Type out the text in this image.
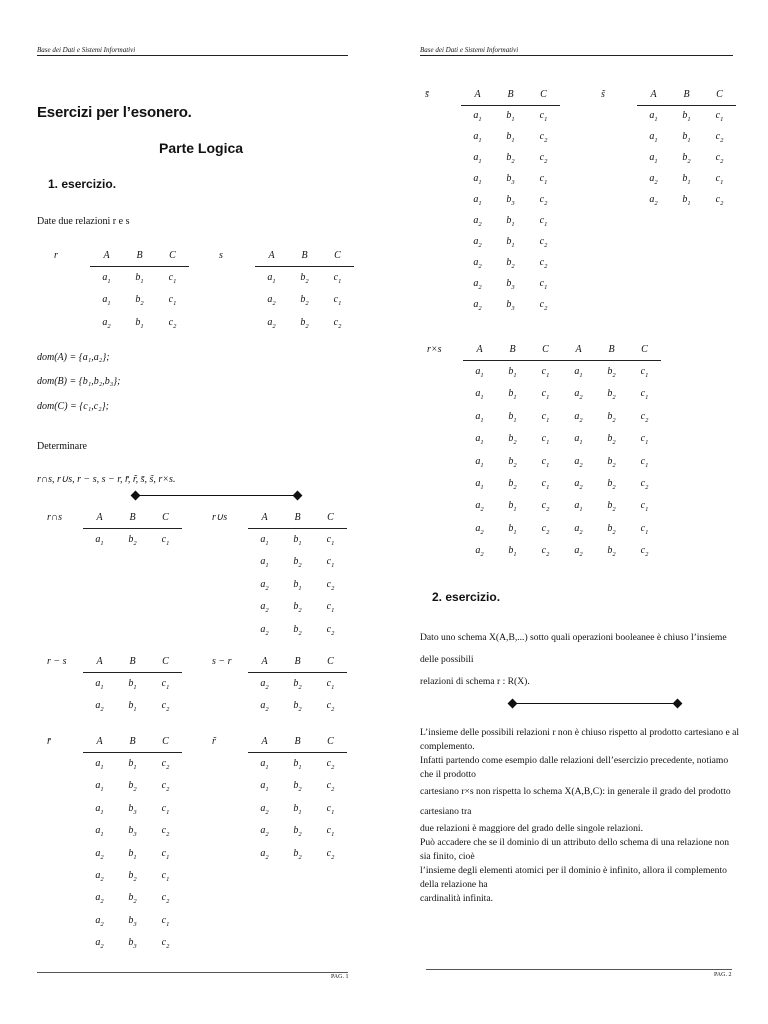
Base dei Dati e Sistemi Informativi
Esercizi per l’esonero.
Parte Logica
1. esercizio.
Date due relazioni r e s
r	A	B	C
	$a_1$	$b_1$	$c_1$
	$a_1$	$b_2$	$c_1$
	$a_2$	$b_1$	$c_2$
s	A	B	C
	$a_1$	$b_2$	$c_1$
	$a_2$	$b_2$	$c_1$
	$a_2$	$b_2$	$c_2$
dom(A) = {a₁,a₂};
dom(B) = {b₁,b₂,b₃};
dom(C) = {c₁,c₂};
Determinare
r∩s, r∪s, r − s, s − r, r̄, r̃, s̄, s̃, r×s.
r∩s	A	B	C
	$a_1$	$b_2$	$c_1$
r∪s	A	B	C
	$a_1$	$b_1$	$c_1$
	$a_1$	$b_2$	$c_1$
	$a_2$	$b_1$	$c_2$
	$a_2$	$b_2$	$c_1$
	$a_2$	$b_2$	$c_2$
r − s	A	B	C
	$a_1$	$b_1$	$c_1$
	$a_2$	$b_1$	$c_2$
s − r	A	B	C
	$a_2$	$b_2$	$c_1$
	$a_2$	$b_2$	$c_2$
r̄	A	B	C
	$a_1$	$b_1$	$c_2$
	$a_1$	$b_2$	$c_2$
	$a_1$	$b_3$	$c_1$
	$a_1$	$b_3$	$c_2$
	$a_2$	$b_1$	$c_1$
	$a_2$	$b_2$	$c_1$
	$a_2$	$b_2$	$c_2$
	$a_2$	$b_3$	$c_1$
	$a_2$	$b_3$	$c_2$
r̃	A	B	C
	$a_1$	$b_1$	$c_2$
	$a_1$	$b_2$	$c_2$
	$a_2$	$b_1$	$c_1$
	$a_2$	$b_2$	$c_1$
	$a_2$	$b_2$	$c_2$
PAG. 1
Base dei Dati e Sistemi Informativi
s̄	A	B	C
	$a_1$	$b_1$	$c_1$
	$a_1$	$b_1$	$c_2$
	$a_1$	$b_2$	$c_2$
	$a_1$	$b_3$	$c_1$
	$a_1$	$b_3$	$c_2$
	$a_2$	$b_1$	$c_1$
	$a_2$	$b_1$	$c_2$
	$a_2$	$b_2$	$c_2$
	$a_2$	$b_3$	$c_1$
	$a_2$	$b_3$	$c_2$
s̃	A	B	C
	$a_1$	$b_1$	$c_1$
	$a_1$	$b_1$	$c_2$
	$a_1$	$b_2$	$c_2$
	$a_2$	$b_1$	$c_1$
	$a_2$	$b_1$	$c_2$
r×s	A	B	C	A	B	C
	$a_1$	$b_1$	$c_1$	$a_1$	$b_2$	$c_1$
	$a_1$	$b_1$	$c_1$	$a_2$	$b_2$	$c_1$
	$a_1$	$b_1$	$c_1$	$a_2$	$b_2$	$c_2$
	$a_1$	$b_2$	$c_1$	$a_1$	$b_2$	$c_1$
	$a_1$	$b_2$	$c_1$	$a_2$	$b_2$	$c_1$
	$a_1$	$b_2$	$c_1$	$a_2$	$b_2$	$c_2$
	$a_2$	$b_1$	$c_2$	$a_1$	$b_2$	$c_1$
	$a_2$	$b_1$	$c_2$	$a_2$	$b_2$	$c_1$
	$a_2$	$b_1$	$c_2$	$a_2$	$b_2$	$c_2$
2. esercizio.
Dato uno schema X(A,B,...) sotto quali operazioni booleanee è chiuso l’insieme delle possibili
relazioni di schema r : R(X).
L’insieme delle possibili relazioni r non è chiuso rispetto al prodotto cartesiano e al complemento.
Infatti partendo come esempio dalle relazioni dell’esercizio precedente, notiamo che il prodotto
cartesiano r×s non rispetta lo schema X(A,B,C): in generale il grado del prodotto cartesiano tra
due relazioni è maggiore del grado delle singole relazioni.
Può accadere che se il dominio di un attributo dello schema di una relazione non sia finito, cioè
l’insieme degli elementi atomici per il dominio è infinito, allora il complemento della relazione ha
cardinalità infinita.
PAG. 2
